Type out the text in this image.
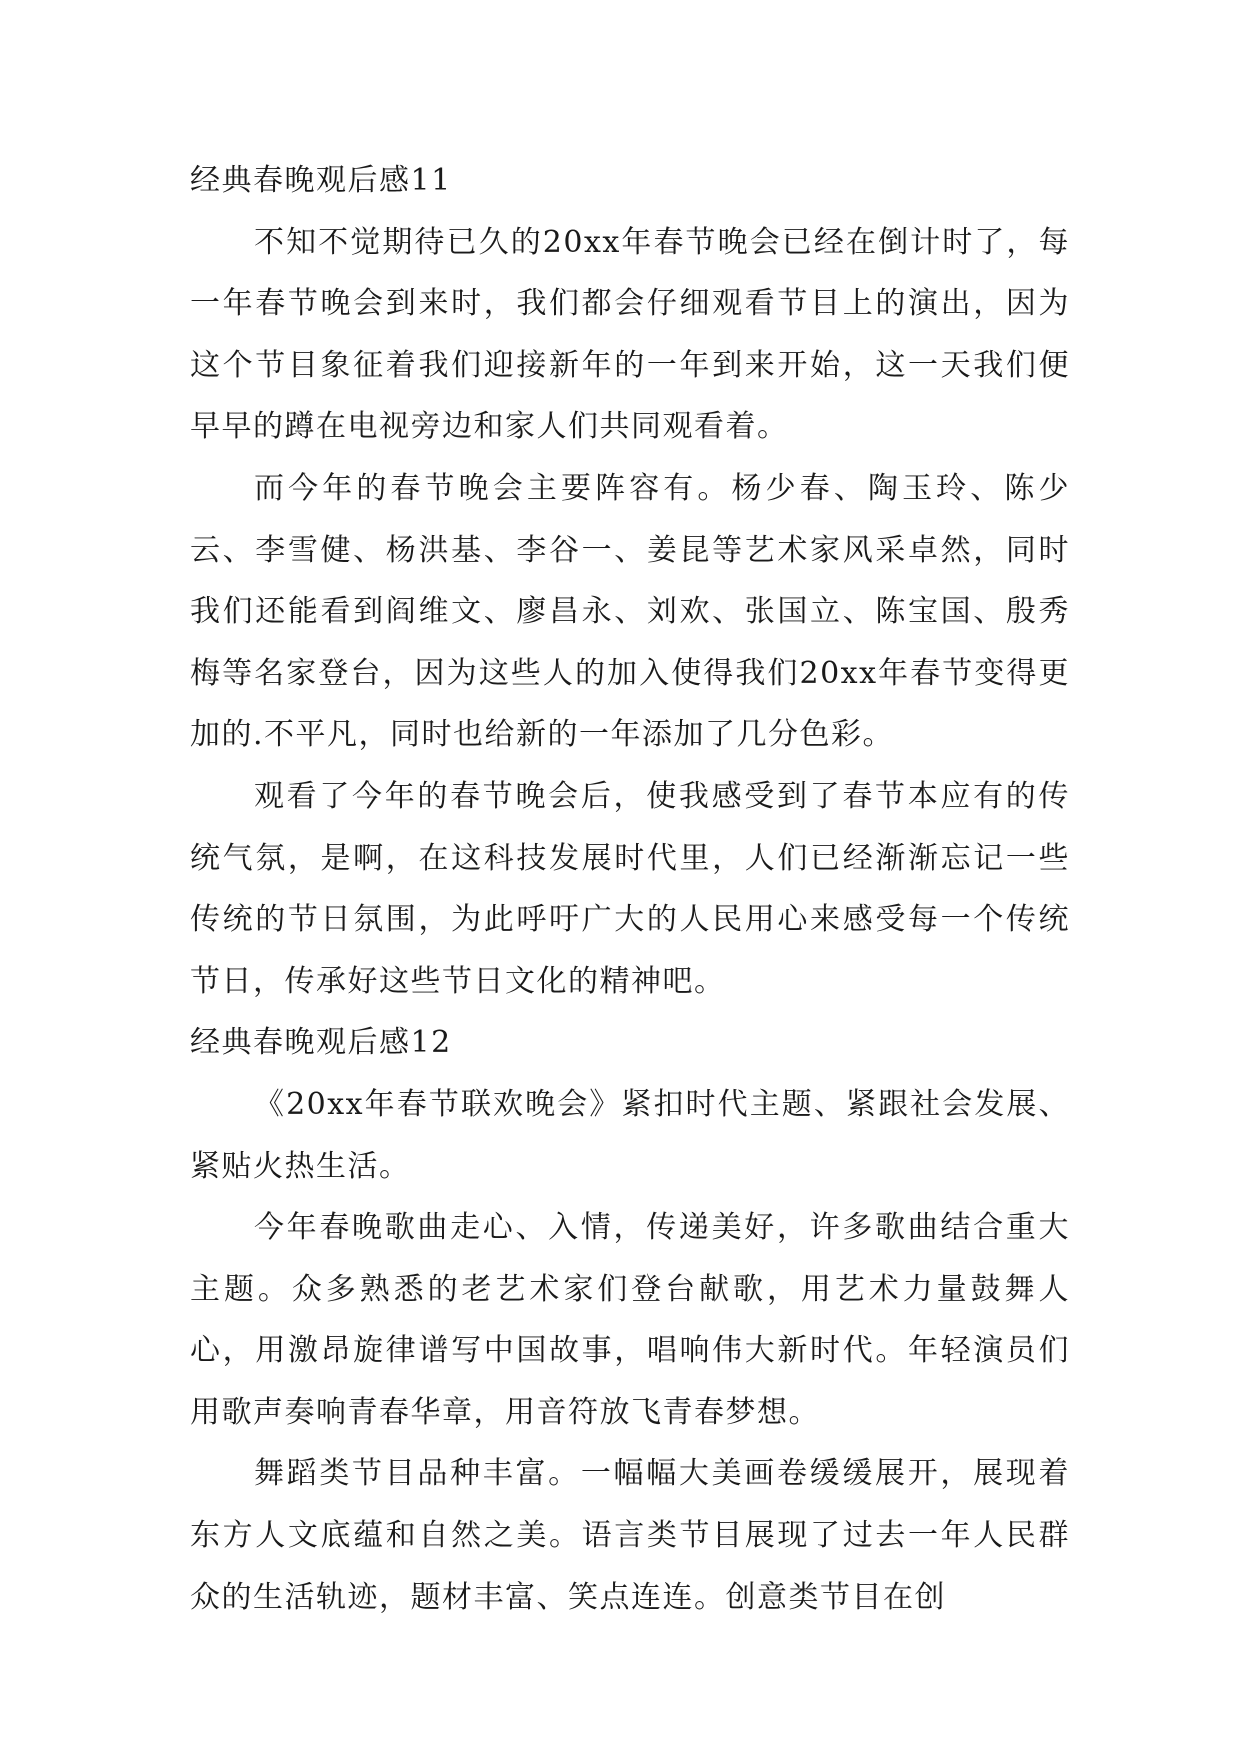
经典春晚观后感11

不知不觉期待已久的20xx年春节晚会已经在倒计时了，每一年春节晚会到来时，我们都会仔细观看节目上的演出，因为这个节目象征着我们迎接新年的一年到来开始，这一天我们便早早的蹲在电视旁边和家人们共同观看着。

而今年的春节晚会主要阵容有。杨少春、陶玉玲、陈少云、李雪健、杨洪基、李谷一、姜昆等艺术家风采卓然，同时我们还能看到阎维文、廖昌永、刘欢、张国立、陈宝国、殷秀梅等名家登台，因为这些人的加入使得我们20xx年春节变得更加的.不平凡，同时也给新的一年添加了几分色彩。

观看了今年的春节晚会后，使我感受到了春节本应有的传统气氛，是啊，在这科技发展时代里，人们已经渐渐忘记一些传统的节日氛围，为此呼吁广大的人民用心来感受每一个传统节日，传承好这些节日文化的精神吧。

经典春晚观后感12

《20xx年春节联欢晚会》紧扣时代主题、紧跟社会发展、紧贴火热生活。

今年春晚歌曲走心、入情，传递美好，许多歌曲结合重大主题。众多熟悉的老艺术家们登台献歌，用艺术力量鼓舞人心，用激昂旋律谱写中国故事，唱响伟大新时代。年轻演员们用歌声奏响青春华章，用音符放飞青春梦想。

舞蹈类节目品种丰富。一幅幅大美画卷缓缓展开，展现着东方人文底蕴和自然之美。语言类节目展现了过去一年人民群众的生活轨迹，题材丰富、笑点连连。创意类节目在创
